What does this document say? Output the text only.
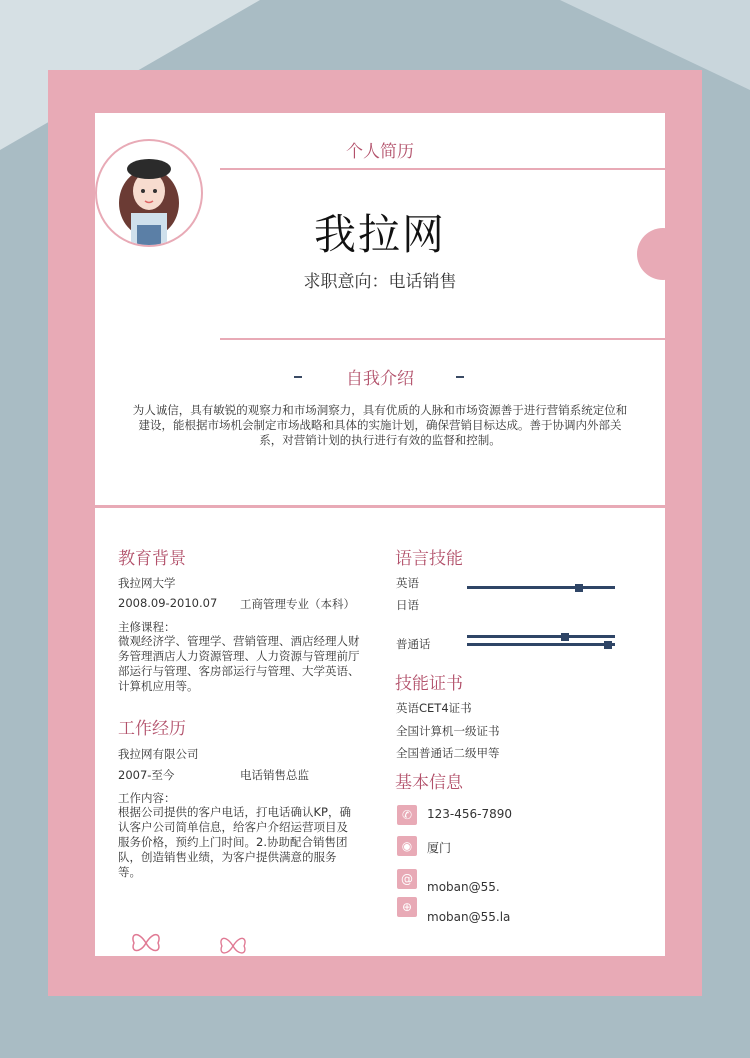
个人简历
我拉网
求职意向：电话销售
自我介绍
为人诚信，具有敏锐的观察力和市场洞察力，具有优质的人脉和市场资源善于进行营销系统定位和建设，能根据市场机会制定市场战略和具体的实施计划，确保营销目标达成。善于协调内外部关系，对营销计划的执行进行有效的监督和控制。
教育背景
我拉网大学
2008.09-2010.07 工商管理专业（本科）
主修课程：
微观经济学、管理学、营销管理、酒店经理人财务管理酒店人力资源管理、人力资源与管理前厅部运行与管理、客房部运行与管理、大学英语、计算机应用等。
工作经历
我拉网有限公司
2007-至今	电话销售总监
工作内容：
根据公司提供的客户电话，打电话确认KP，确认客户公司简单信息，给客户介绍运营项目及服务价格，预约上门时间。2.协助配合销售团队，创造销售业绩，为客户提供满意的服务等。
语言技能
英语
日语
普通话
技能证书
英语CET4证书
全国计算机一级证书
全国普通话二级甲等
基本信息
✆	123-456-7890
◉	厦门
@
moban@55.
⊕
moban@55.la
